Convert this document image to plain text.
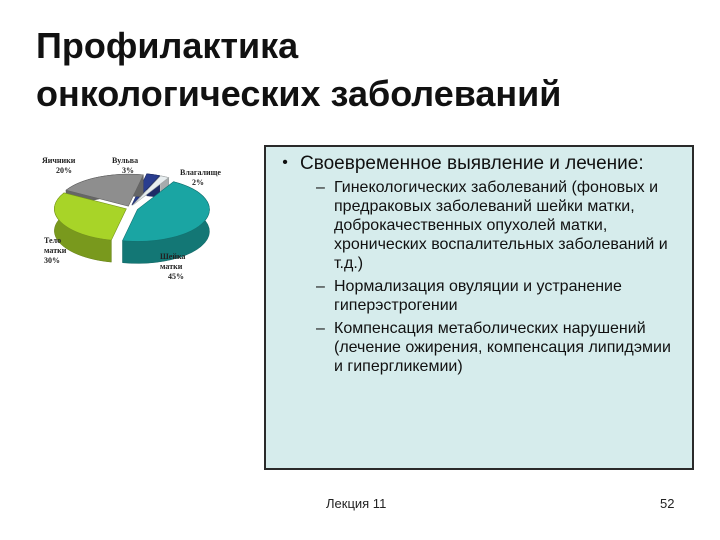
Профилактика
онкологических заболеваний
Яичники
20%
Вульва
3%	Влагалище
2%
Тело матки
30%	Шейка матки
45%
• Своевременное выявление и лечение:
– Гинекологических заболеваний (фоновых и предраковых заболеваний шейки матки, доброкачественных опухолей матки, хронических воспалительных заболеваний и т.д.)
– Нормализация овуляции и устранение гиперэстрогении
– Компенсация метаболических нарушений (лечение ожирения, компенсация липидэмии и гипергликемии)
Лекция 11	52
